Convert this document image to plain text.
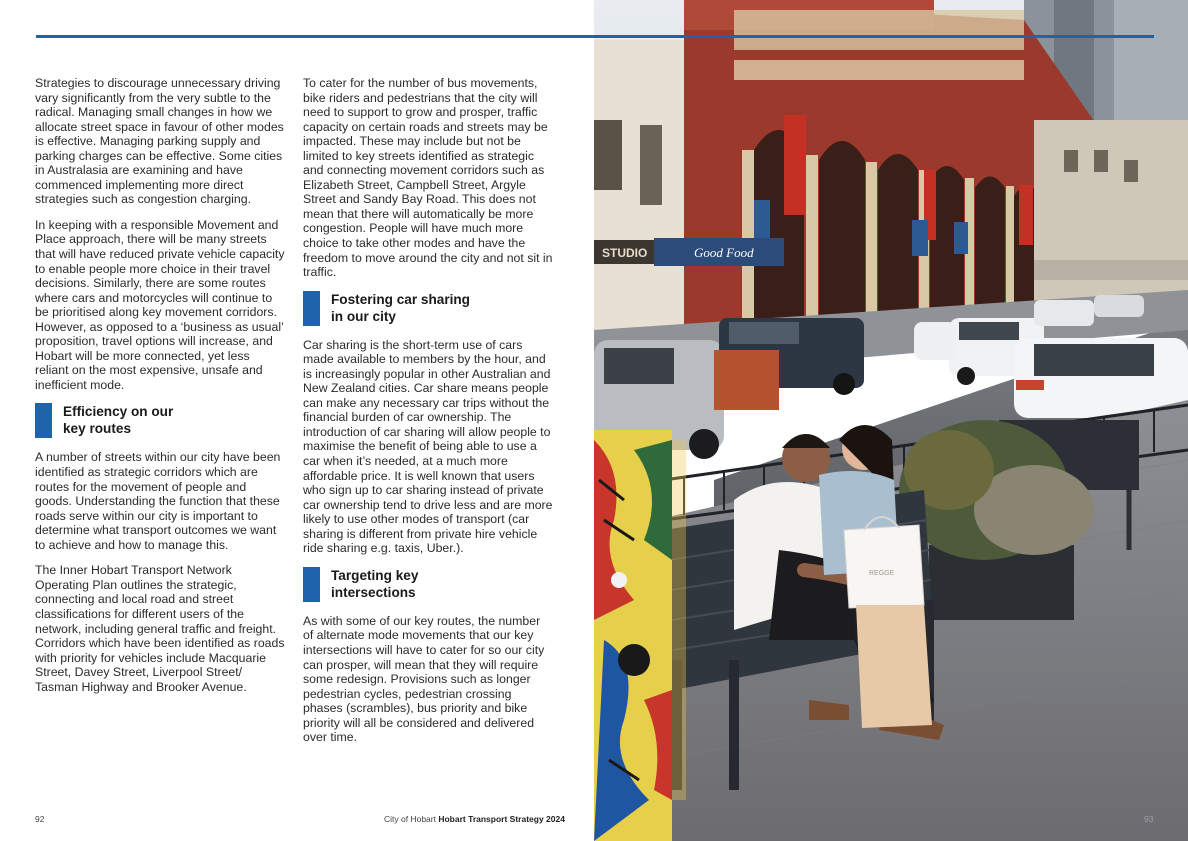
Strategies to discourage unnecessary driving vary significantly from the very subtle to the radical. Managing small changes in how we allocate street space in favour of other modes is effective. Managing parking supply and parking charges can be effective. Some cities in Australasia are examining and have commenced implementing more direct strategies such as congestion charging.

In keeping with a responsible Movement and Place approach, there will be many streets that will have reduced private vehicle capacity to enable people more choice in their travel decisions. Similarly, there are some routes where cars and motorcycles will continue to be prioritised along key movement corridors. However, as opposed to a ‘business as usual’ proposition, travel options will increase, and Hobart will be more connected, yet less reliant on the most expensive, unsafe and inefficient mode.

Efficiency on our
key routes

A number of streets within our city have been identified as strategic corridors which are routes for the movement of people and goods. Understanding the function that these roads serve within our city is important to determine what transport outcomes we want to achieve and how to manage this.

The Inner Hobart Transport Network Operating Plan outlines the strategic, connecting and local road and street classifications for different users of the network, including general traffic and freight. Corridors which have been identified as roads with priority for vehicles include Macquarie Street, Davey Street, Liverpool Street/ Tasman Highway and Brooker Avenue.

To cater for the number of bus movements, bike riders and pedestrians that the city will need to support to grow and prosper, traffic capacity on certain roads and streets may be impacted. These may include but not be limited to key streets identified as strategic and connecting movement corridors such as Elizabeth Street, Campbell Street, Argyle Street and Sandy Bay Road. This does not mean that there will automatically be more congestion. People will have much more choice to take other modes and have the freedom to move around the city and not sit in traffic.

Fostering car sharing
in our city

Car sharing is the short-term use of cars made available to members by the hour, and is increasingly popular in other Australian and New Zealand cities. Car share means people can make any necessary car trips without the financial burden of car ownership. The introduction of car sharing will allow people to maximise the benefit of being able to use a car when it’s needed, at a much more affordable price. It is well known that users who sign up to car sharing instead of private car ownership tend to drive less and are more likely to use other modes of transport (car sharing is different from private hire vehicle ride sharing e.g. taxis, Uber.).

Targeting key
intersections

As with some of our key routes, the number of alternate mode movements that our key intersections will have to cater for so our city can prosper, will mean that they will require some redesign. Provisions such as longer pedestrian cycles, pedestrian crossing phases (scrambles), bus priority and bike priority will all be considered and delivered over time.

92	City of Hobart Hobart Transport Strategy 2024
STUDIO	Good Food
REGGE
93
